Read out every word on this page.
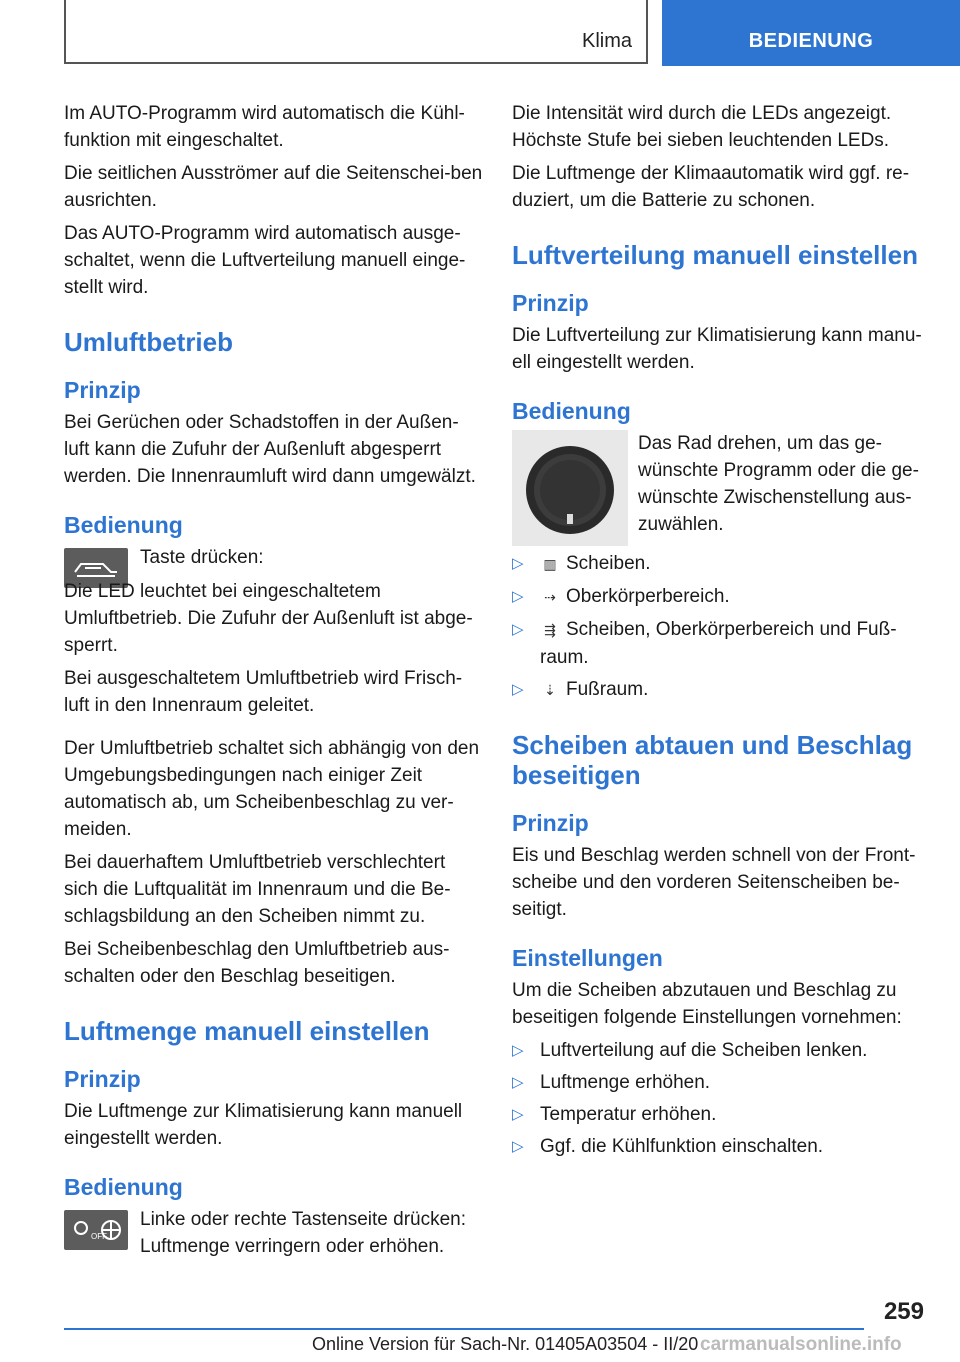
Klima	BEDIENUNG

Im AUTO-Programm wird automatisch die Kühl-funktion mit eingeschaltet.

Die seitlichen Ausströmer auf die Seitenschei-ben ausrichten.

Das AUTO-Programm wird automatisch ausge-schaltet, wenn die Luftverteilung manuell einge-stellt wird.

Umluftbetrieb
Prinzip

Bei Gerüchen oder Schadstoffen in der Außen-luft kann die Zufuhr der Außenluft abgesperrt werden. Die Innenraumluft wird dann umgewälzt.

Bedienung

Taste drücken:

Die LED leuchtet bei eingeschaltetem Umluftbetrieb. Die Zufuhr der Außenluft ist abge-sperrt.

Bei ausgeschaltetem Umluftbetrieb wird Frisch-luft in den Innenraum geleitet.

Der Umluftbetrieb schaltet sich abhängig von den Umgebungsbedingungen nach einiger Zeit automatisch ab, um Scheibenbeschlag zu ver-meiden.

Bei dauerhaftem Umluftbetrieb verschlechtert sich die Luftqualität im Innenraum und die Be-schlagsbildung an den Scheiben nimmt zu.

Bei Scheibenbeschlag den Umluftbetrieb aus-schalten oder den Beschlag beseitigen.

Luftmenge manuell einstellen
Prinzip

Die Luftmenge zur Klimatisierung kann manuell eingestellt werden.

Bedienung
OFF

Linke oder rechte Tastenseite drücken: Luftmenge verringern oder erhöhen.

Die Intensität wird durch die LEDs angezeigt. Höchste Stufe bei sieben leuchtenden LEDs.

Die Luftmenge der Klimaautomatik wird ggf. re-duziert, um die Batterie zu schonen.

Luftverteilung manuell einstellen
Prinzip

Die Luftverteilung zur Klimatisierung kann manu-ell eingestellt werden.

Bedienung

Das Rad drehen, um das ge-wünschte Programm oder die ge-wünschte Zwischenstellung aus-zuwählen.

▷ ▥ Scheiben.
▷ ⇢ Oberkörperbereich.
▷ ⇶ Scheiben, Oberkörperbereich und Fuß-raum.
▷ ⇣ Fußraum.
Scheiben abtauen und Beschlag beseitigen
Prinzip

Eis und Beschlag werden schnell von der Front-scheibe und den vorderen Seitenscheiben be-seitigt.

Einstellungen

Um die Scheiben abzutauen und Beschlag zu beseitigen folgende Einstellungen vornehmen:

▷ Luftverteilung auf die Scheiben lenken.
▷ Luftmenge erhöhen.
▷ Temperatur erhöhen.
▷ Ggf. die Kühlfunktion einschalten.
259
Online Version für Sach-Nr. 01405A03504 - II/20 carmanualsonline.info
